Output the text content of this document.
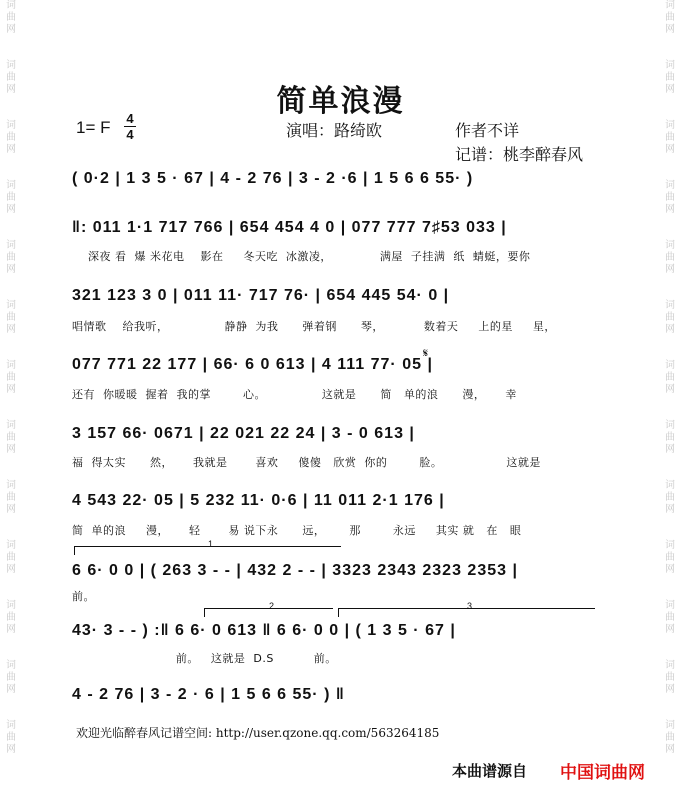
词
曲
网
词
曲
网
词
曲
网
词
曲
网
词
曲
网
词
曲
网
词
曲
网
词
曲
网
词
曲
网
词
曲
网
词
曲
网
词
曲
网
词
曲
网
词
曲
网
词
曲
网
词
曲
网
词
曲
网
词
曲
网
词
曲
网
词
曲
网
词
曲
网
词
曲
网
词
曲
网
词
曲
网
词
曲
网
词
曲
网
简单浪漫
1= F 4
4	演唱：路绮欧	作者不详
记谱：桃李醉春风
( 0·2 | 1 3 5 · 67 | 4 - 2 76 | 3 - 2 ·6 | 1 5 6 6 55· )
‖: 011 1·1 717 766 | 654 454 4 0 | 077 777 7♯53 033 |
深夜 看  爆 米花电    影在     冬天吃  冰激凌，            满屋  子挂满  纸  蜻蜓，要你
321 123 3 0 | 011 11· 717 76· | 654 445 54· 0 |
唱情歌    给我听，              静静  为我      弹着钢      琴，          数着天     上的星     星，
𝄋
077 771 22 177 | 66· 6 0 613 | 4 111 77· 05 |
还有  你暖暖  握着  我的掌        心。              这就是      简   单的浪      漫，     幸
3 157 66· 0671 | 22 021 22 24 | 3 - 0 613 |
福  得太实      然，     我就是       喜欢     傻傻   欣赏  你的        脸。                这就是
4 543 22· 05 | 5 232 11· 0·6 | 11 011 2·1 176 |
简  单的浪     漫，     轻       易 说下永      远，      那        永远     其实 就   在   眼
1
6 6· 0 0 | ( 263 3 - - | 432 2 - - | 3323 2343 2323 2353 |
前。
2	3
43· 3 - - ) :‖ 6 6· 0 613 ‖ 6 6· 0 0 | ( 1 3 5 · 67 |
前。   这就是  D.S          前。
4 - 2 76 | 3 - 2 · 6 | 1 5 6 6 55· ) ‖
欢迎光临醉春风记谱空间: http://user.qzone.qq.com/563264185
本曲谱源自 中国词曲网
